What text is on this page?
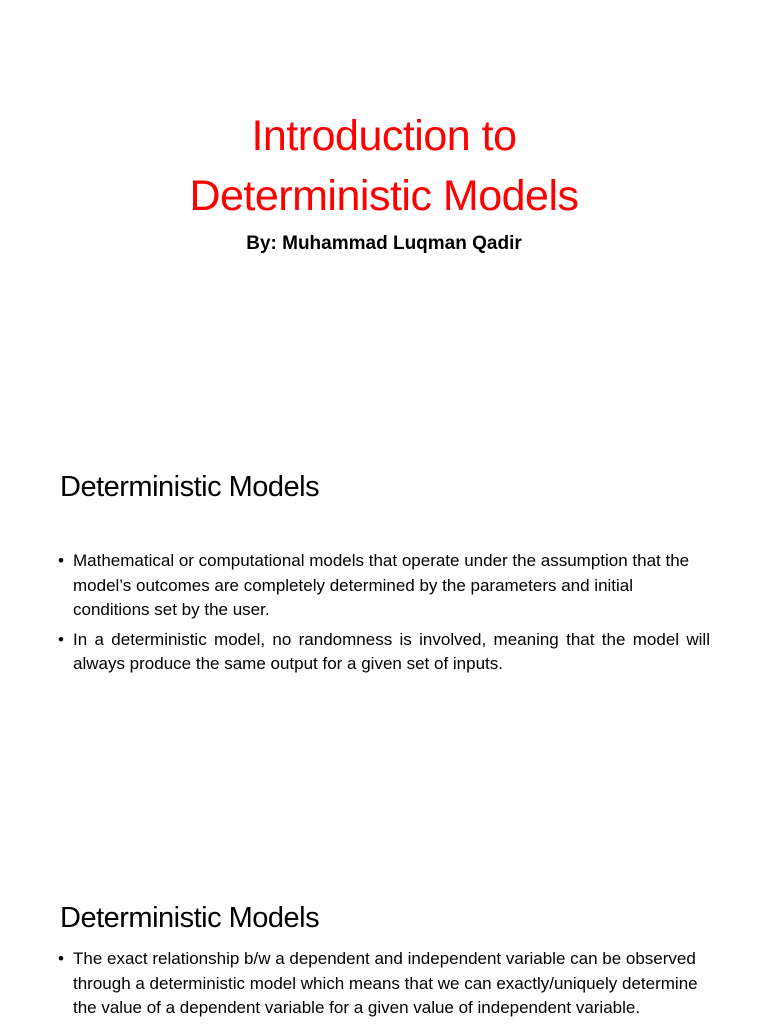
Introduction to
Deterministic Models
By: Muhammad Luqman Qadir
Deterministic Models
• Mathematical or computational models that operate under the assumption that the model’s outcomes are completely determined by the parameters and initial conditions set by the user.
• In a deterministic model, no randomness is involved, meaning that the model will always produce the same output for a given set of inputs.
Deterministic Models
• The exact relationship b/w a dependent and independent variable can be observed through a deterministic model which means that we can exactly/uniquely determine the value of a dependent variable for a given value of independent variable.
